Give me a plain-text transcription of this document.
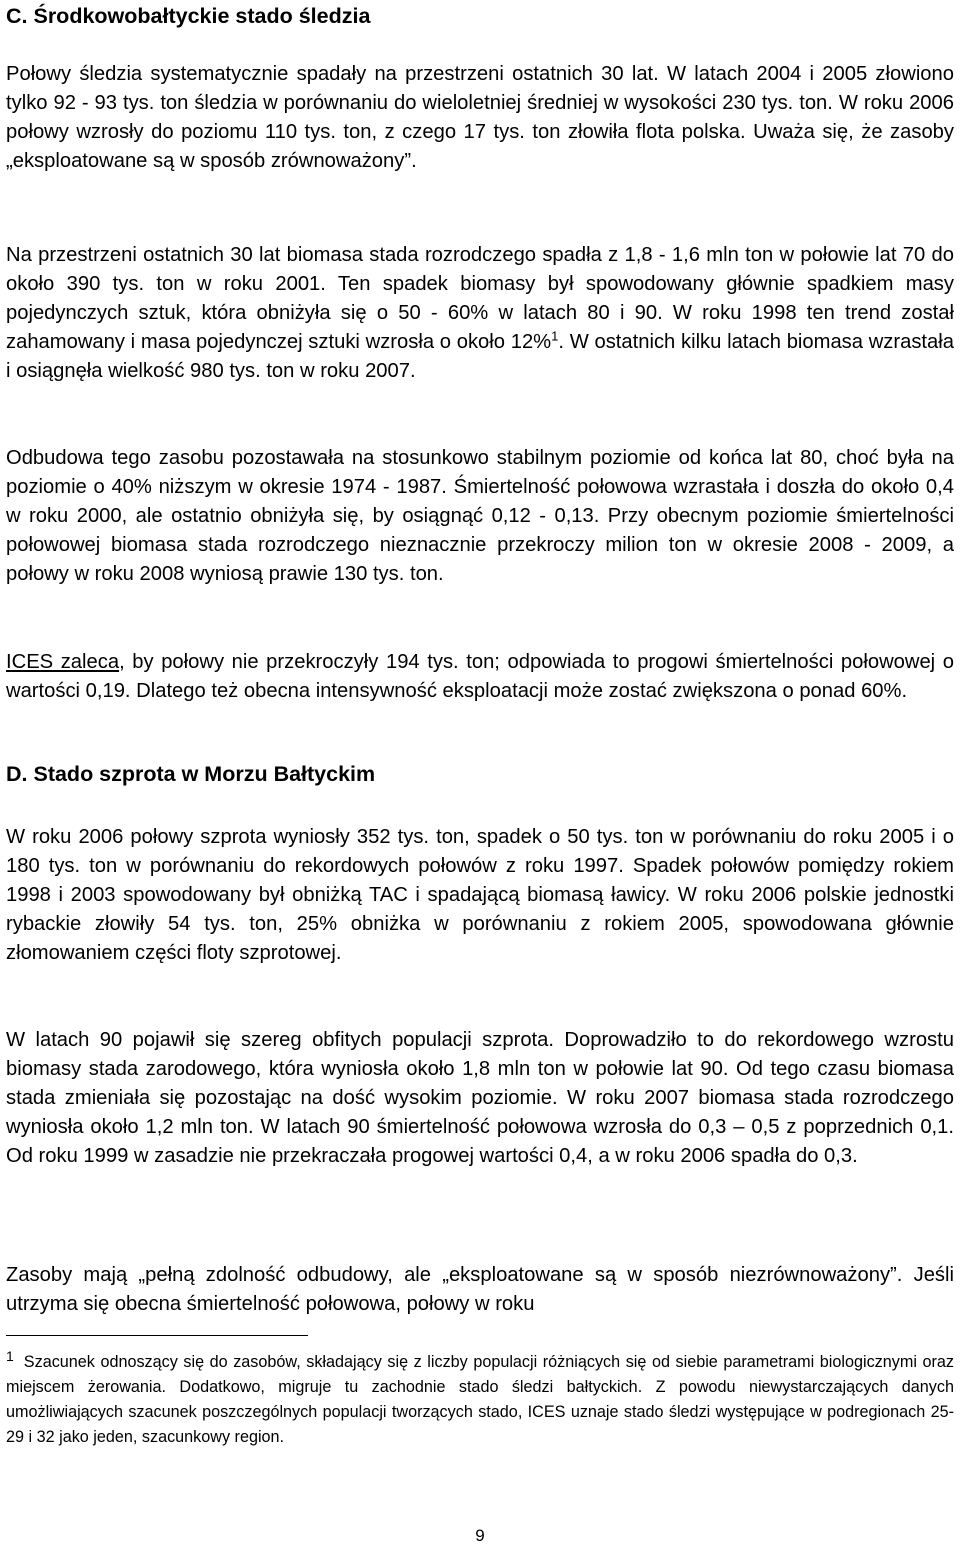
C. Środkowobałtyckie stado śledzia

Połowy śledzia systematycznie spadały na przestrzeni ostatnich 30 lat. W latach 2004 i 2005 złowiono tylko 92 - 93 tys. ton śledzia w porównaniu do wieloletniej średniej w wysokości 230 tys. ton. W roku 2006 połowy wzrosły do poziomu 110 tys. ton, z czego 17 tys. ton złowiła flota polska. Uważa się, że zasoby „eksploatowane są w sposób zrównoważony”.

Na przestrzeni ostatnich 30 lat biomasa stada rozrodczego spadła z 1,8 - 1,6 mln ton w połowie lat 70 do około 390 tys. ton w roku 2001. Ten spadek biomasy był spowodowany głównie spadkiem masy pojedynczych sztuk, która obniżyła się o 50 - 60% w latach 80 i 90. W roku 1998 ten trend został zahamowany i masa pojedynczej sztuki wzrosła o około 12%$^1$. W ostatnich kilku latach biomasa wzrastała i osiągnęła wielkość 980 tys. ton w roku 2007.

Odbudowa tego zasobu pozostawała na stosunkowo stabilnym poziomie od końca lat 80, choć była na poziomie o 40% niższym w okresie 1974 - 1987. Śmiertelność połowowa wzrastała i doszła do około 0,4 w roku 2000, ale ostatnio obniżyła się, by osiągnąć 0,12 - 0,13. Przy obecnym poziomie śmiertelności połowowej biomasa stada rozrodczego nieznacznie przekroczy milion ton w okresie 2008 - 2009, a połowy w roku 2008 wyniosą prawie 130 tys. ton.

ICES zaleca, by połowy nie przekroczyły 194 tys. ton; odpowiada to progowi śmiertelności połowowej o wartości 0,19. Dlatego też obecna intensywność eksploatacji może zostać zwiększona o ponad 60%.

D. Stado szprota w Morzu Bałtyckim

W roku 2006 połowy szprota wyniosły 352 tys. ton, spadek o 50 tys. ton w porównaniu do roku 2005 i o 180 tys. ton w porównaniu do rekordowych połowów z roku 1997. Spadek połowów pomiędzy rokiem 1998 i 2003 spowodowany był obniżką TAC i spadającą biomasą ławicy. W roku 2006 polskie jednostki rybackie złowiły 54 tys. ton, 25% obniżka w porównaniu z rokiem 2005, spowodowana głównie złomowaniem części floty szprotowej.

W latach 90 pojawił się szereg obfitych populacji szprota. Doprowadziło to do rekordowego wzrostu biomasy stada zarodowego, która wyniosła około 1,8 mln ton w połowie lat 90. Od tego czasu biomasa stada zmieniała się pozostając na dość wysokim poziomie. W roku 2007 biomasa stada rozrodczego wyniosła około 1,2 mln ton. W latach 90 śmiertelność połowowa wzrosła do 0,3 – 0,5 z poprzednich 0,1. Od roku 1999 w zasadzie nie przekraczała progowej wartości 0,4, a w roku 2006 spadła do 0,3.

Zasoby mają „pełną zdolność odbudowy, ale „eksploatowane są w sposób niezrównoważony”. Jeśli utrzyma się obecna śmiertelność połowowa, połowy w roku

1 Szacunek odnoszący się do zasobów, składający się z liczby populacji różniących się od siebie parametrami biologicznymi oraz miejscem żerowania. Dodatkowo, migruje tu zachodnie stado śledzi bałtyckich. Z powodu niewystarczających danych umożliwiających szacunek poszczególnych populacji tworzących stado, ICES uznaje stado śledzi występujące w podregionach 25-29 i 32 jako jeden, szacunkowy region.

9
